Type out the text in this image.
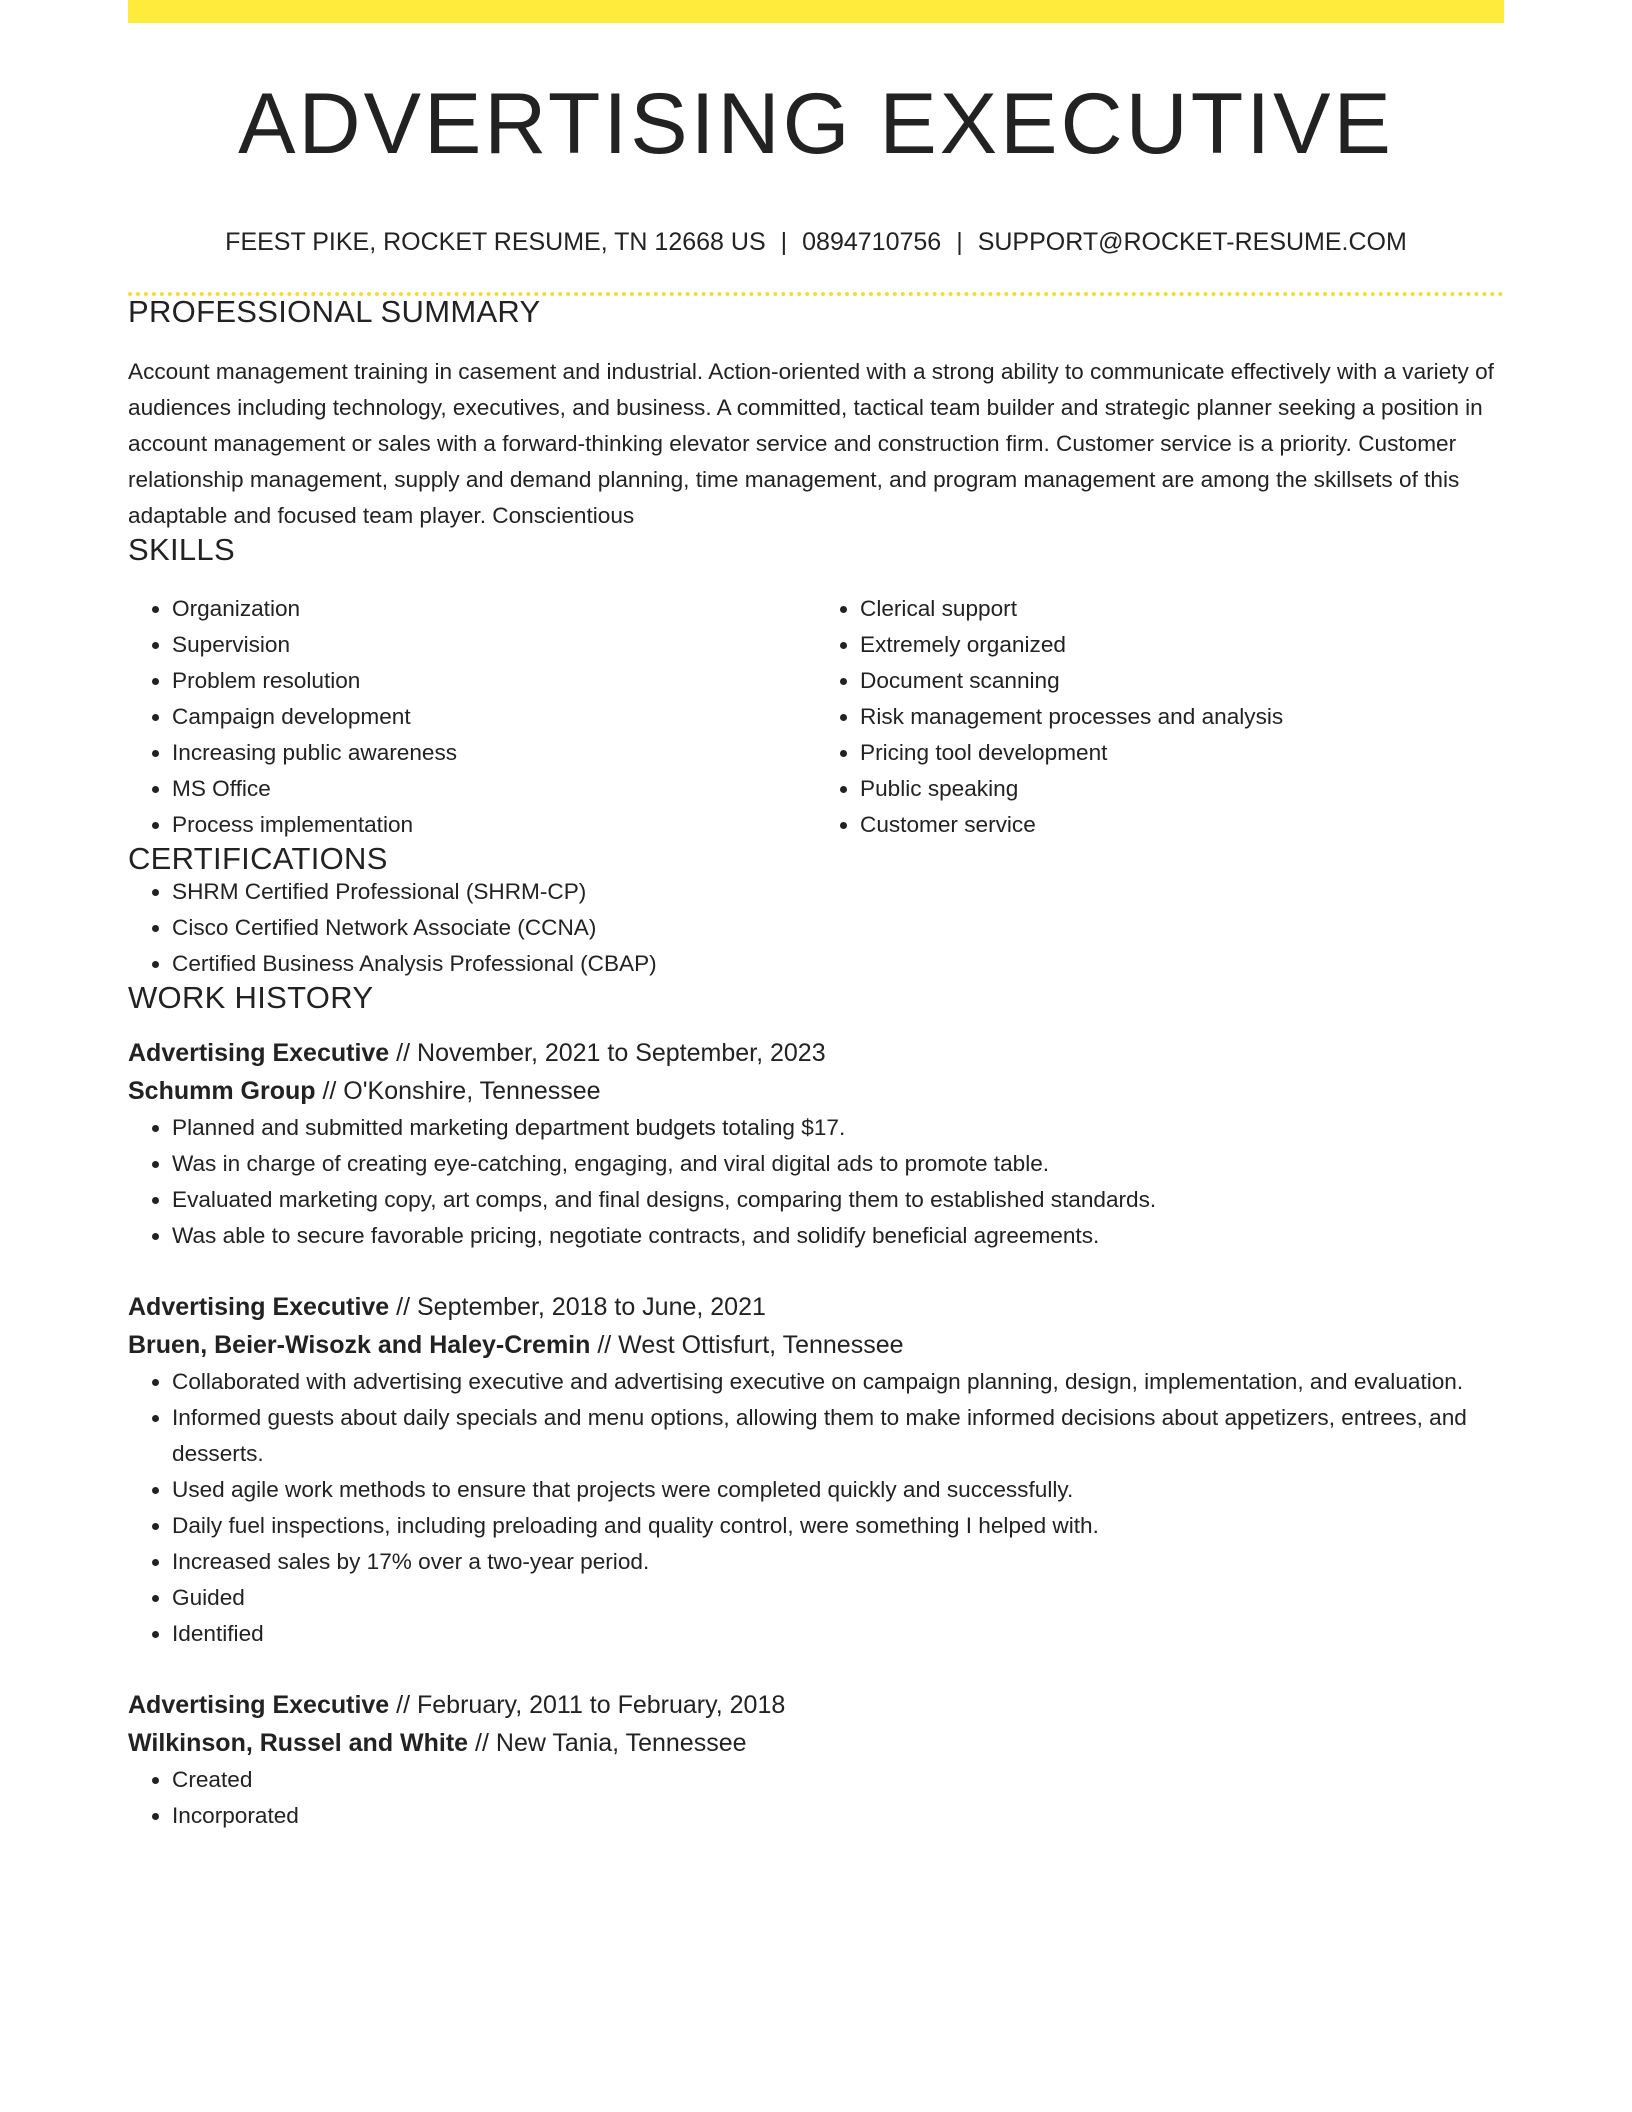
ADVERTISING EXECUTIVE
FEEST PIKE, ROCKET RESUME, TN 12668 US | 0894710756 | SUPPORT@ROCKET-RESUME.COM
PROFESSIONAL SUMMARY
Account management training in casement and industrial. Action-oriented with a strong ability to communicate effectively with a variety of audiences including technology, executives, and business. A committed, tactical team builder and strategic planner seeking a position in account management or sales with a forward-thinking elevator service and construction firm. Customer service is a priority. Customer relationship management, supply and demand planning, time management, and program management are among the skillsets of this adaptable and focused team player. Conscientious
SKILLS
• Organization
• Supervision
• Problem resolution
• Campaign development
• Increasing public awareness
• MS Office
• Process implementation
• Clerical support
• Extremely organized
• Document scanning
• Risk management processes and analysis
• Pricing tool development
• Public speaking
• Customer service
CERTIFICATIONS
• SHRM Certified Professional (SHRM-CP)
• Cisco Certified Network Associate (CCNA)
• Certified Business Analysis Professional (CBAP)
WORK HISTORY
Advertising Executive // November, 2021 to September, 2023
Schumm Group // O'Konshire, Tennessee
• Planned and submitted marketing department budgets totaling $17.
• Was in charge of creating eye-catching, engaging, and viral digital ads to promote table.
• Evaluated marketing copy, art comps, and final designs, comparing them to established standards.
• Was able to secure favorable pricing, negotiate contracts, and solidify beneficial agreements.
Advertising Executive // September, 2018 to June, 2021
Bruen, Beier-Wisozk and Haley-Cremin // West Ottisfurt, Tennessee
• Collaborated with advertising executive and advertising executive on campaign planning, design, implementation, and evaluation.
• Informed guests about daily specials and menu options, allowing them to make informed decisions about appetizers, entrees, and desserts.
• Used agile work methods to ensure that projects were completed quickly and successfully.
• Daily fuel inspections, including preloading and quality control, were something I helped with.
• Increased sales by 17% over a two-year period.
• Guided
• Identified
Advertising Executive // February, 2011 to February, 2018
Wilkinson, Russel and White // New Tania, Tennessee
• Created
• Incorporated
